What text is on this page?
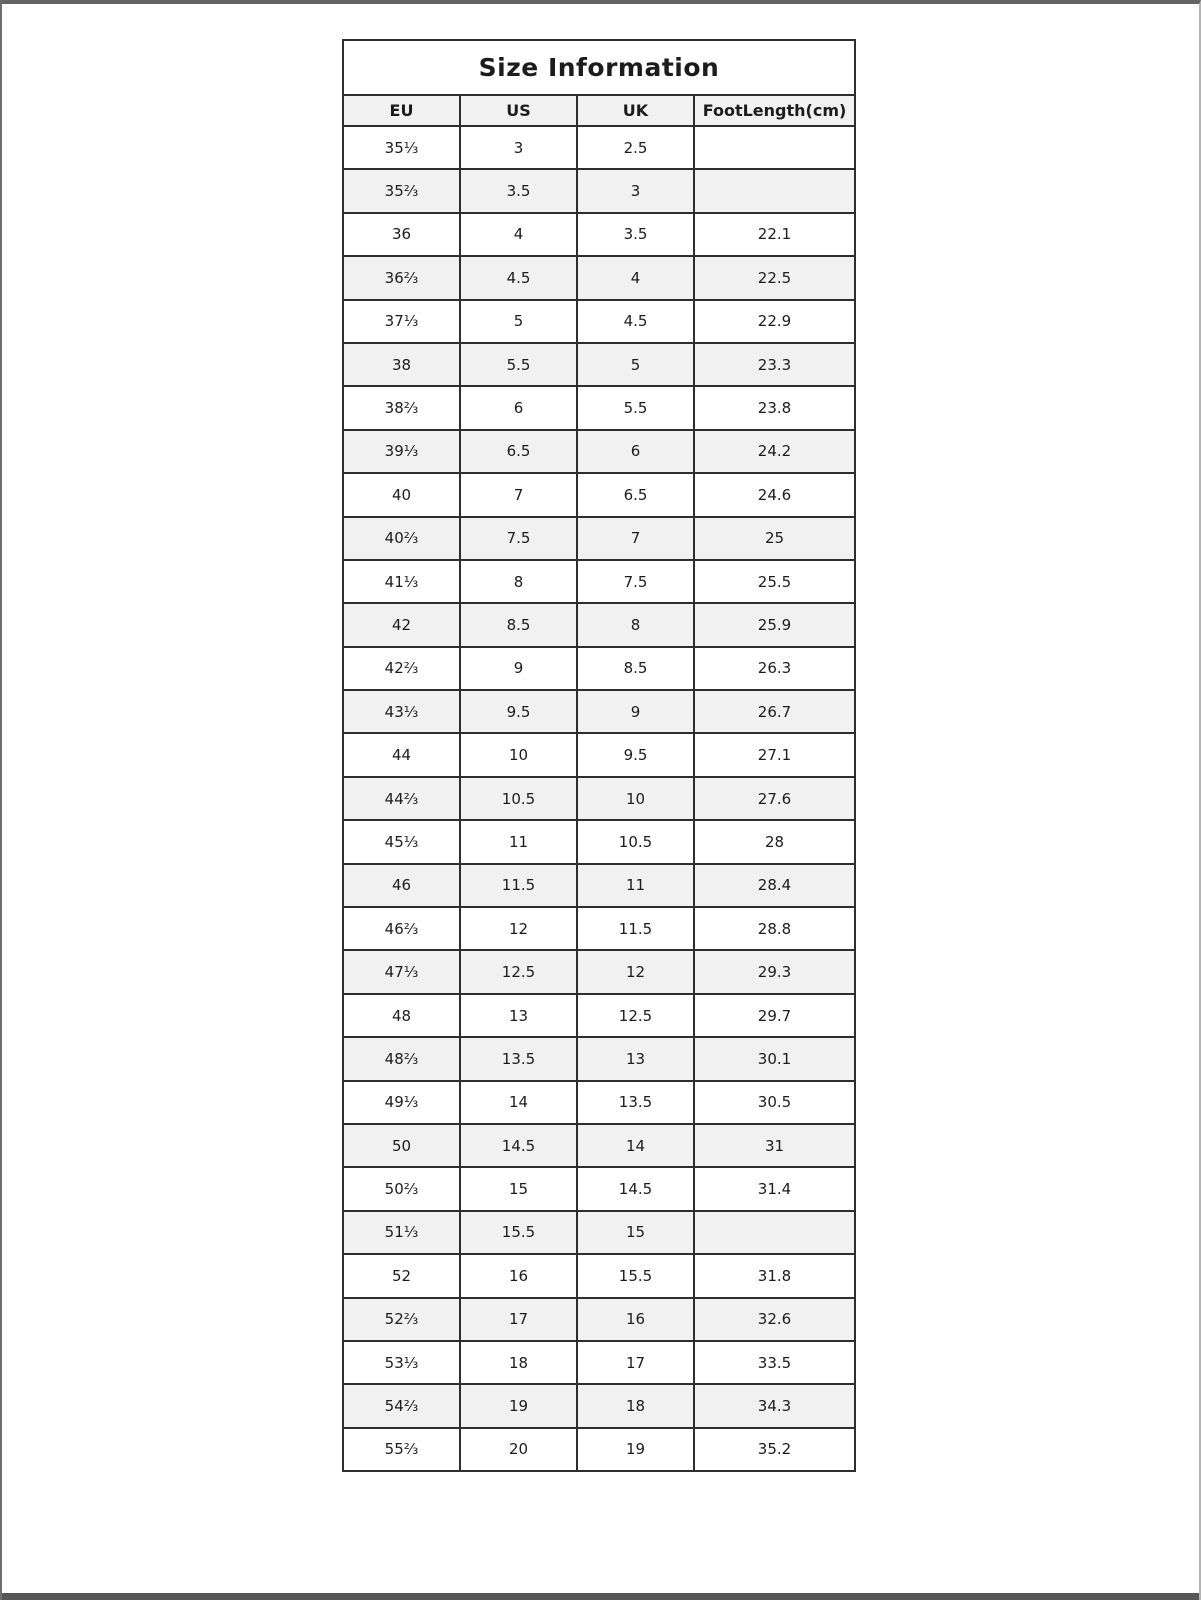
Size Information			
EU	US	UK	FootLength(cm)
35⅓	3	2.5	
35⅔	3.5	3	
36	4	3.5	22.1
36⅔	4.5	4	22.5
37⅓	5	4.5	22.9
38	5.5	5	23.3
38⅔	6	5.5	23.8
39⅓	6.5	6	24.2
40	7	6.5	24.6
40⅔	7.5	7	25
41⅓	8	7.5	25.5
42	8.5	8	25.9
42⅔	9	8.5	26.3
43⅓	9.5	9	26.7
44	10	9.5	27.1
44⅔	10.5	10	27.6
45⅓	11	10.5	28
46	11.5	11	28.4
46⅔	12	11.5	28.8
47⅓	12.5	12	29.3
48	13	12.5	29.7
48⅔	13.5	13	30.1
49⅓	14	13.5	30.5
50	14.5	14	31
50⅔	15	14.5	31.4
51⅓	15.5	15	
52	16	15.5	31.8
52⅔	17	16	32.6
53⅓	18	17	33.5
54⅔	19	18	34.3
55⅔	20	19	35.2
